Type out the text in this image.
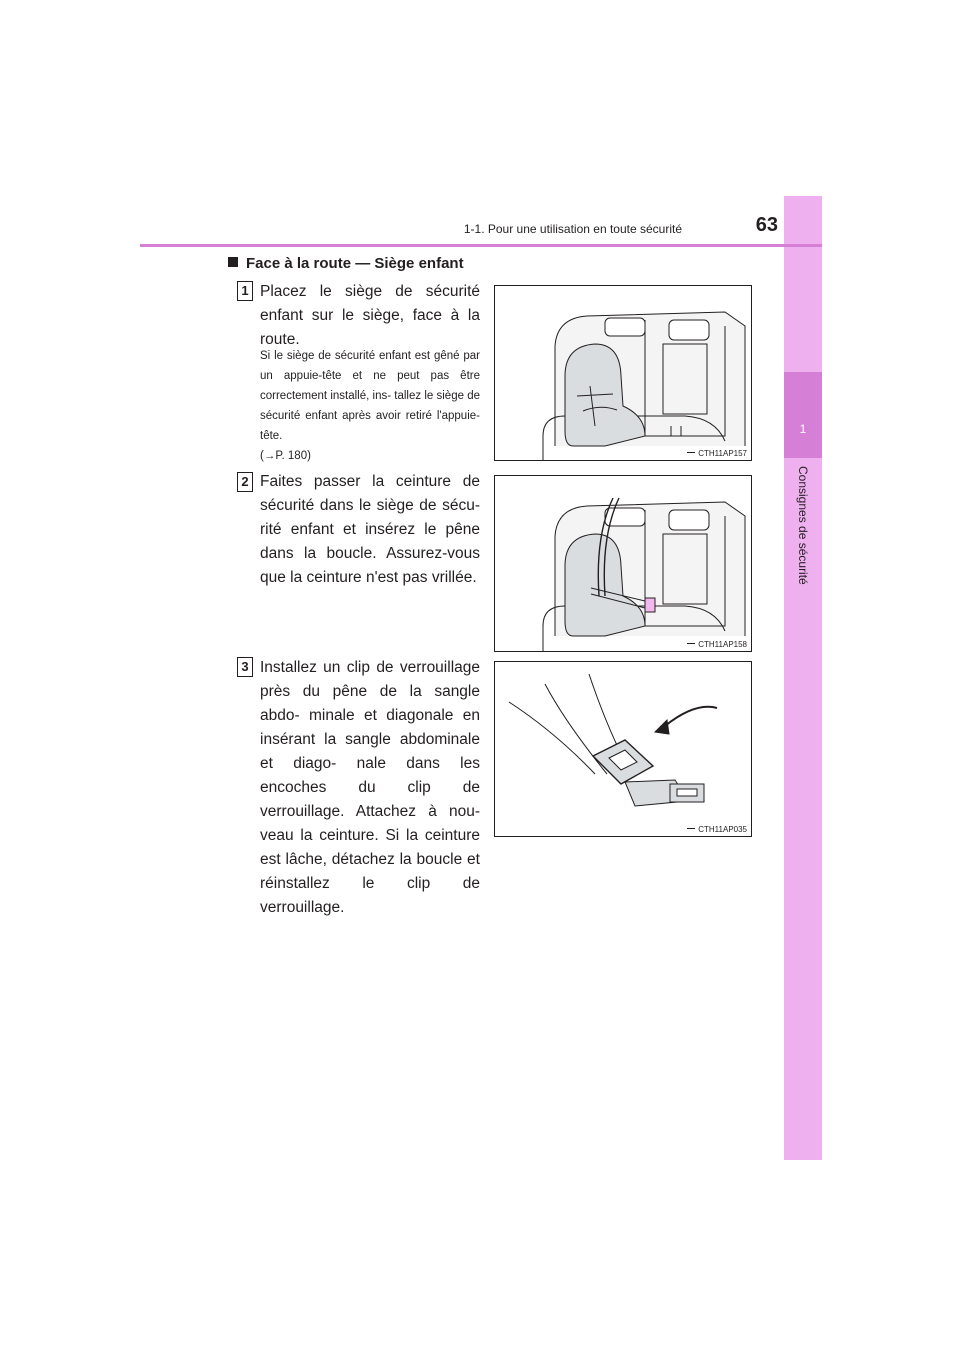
1
Consignes de sécurité
1-1. Pour une utilisation en toute sécurité	63
Face à la route — Siège enfant
1 Placez le siège de sécurité enfant sur le siège, face à la route.
Si le siège de sécurité enfant est gêné par un appuie-tête et ne peut pas être correctement installé, ins- tallez le siège de sécurité enfant après avoir retiré l'appuie-tête.
(→P. 180)	CTH11AP157
2 Faites passer la ceinture de sécurité dans le siège de sécu- rité enfant et insérez le pêne dans la boucle. Assurez-vous que la ceinture n'est pas vrillée.
CTH11AP158
3 Installez un clip de verrouillage près du pêne de la sangle abdo- minale et diagonale en insérant la sangle abdominale et diago- nale dans les encoches du clip de verrouillage. Attachez à nou- veau la ceinture. Si la ceinture est lâche, détachez la boucle et réinstallez le clip de verrouillage.
CTH11AP035
